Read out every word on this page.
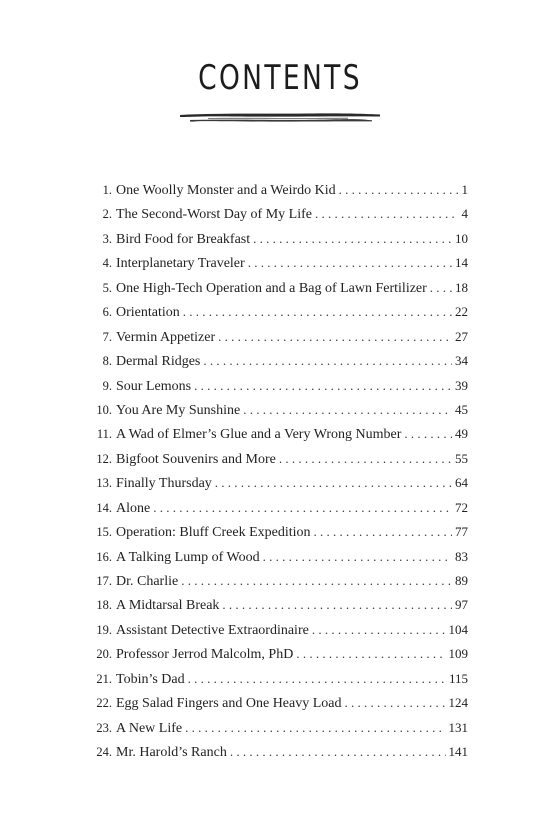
CONTENTS
1. One Woolly Monster and a Weirdo Kid . . .	1
2. The Second-Worst Day of My Life . . .	4
3. Bird Food for Breakfast . . .	10
4. Interplanetary Traveler . . .	14
5. One High-Tech Operation and a Bag of Lawn Fertilizer . . . 18
6. Orientation . . .	22
7. Vermin Appetizer . . .	27
8. Dermal Ridges . . .	34
9. Sour Lemons . . .	39
10. You Are My Sunshine . . .	45
11. A Wad of Elmer’s Glue and a Very Wrong Number . . .	49
12. Bigfoot Souvenirs and More . . .	55
13. Finally Thursday . . .	64
14. Alone . . .	72
15. Operation: Bluff Creek Expedition . . .	77
16. A Talking Lump of Wood . . .	83
17. Dr. Charlie . . .	89
18. A Midtarsal Break . . .	97
19. Assistant Detective Extraordinaire . . .	104
20. Professor Jerrod Malcolm, PhD . . .	109
21. Tobin’s Dad . . .	115
22. Egg Salad Fingers and One Heavy Load . . .	124
23. A New Life . . .	131
24. Mr. Harold’s Ranch . . .	141
